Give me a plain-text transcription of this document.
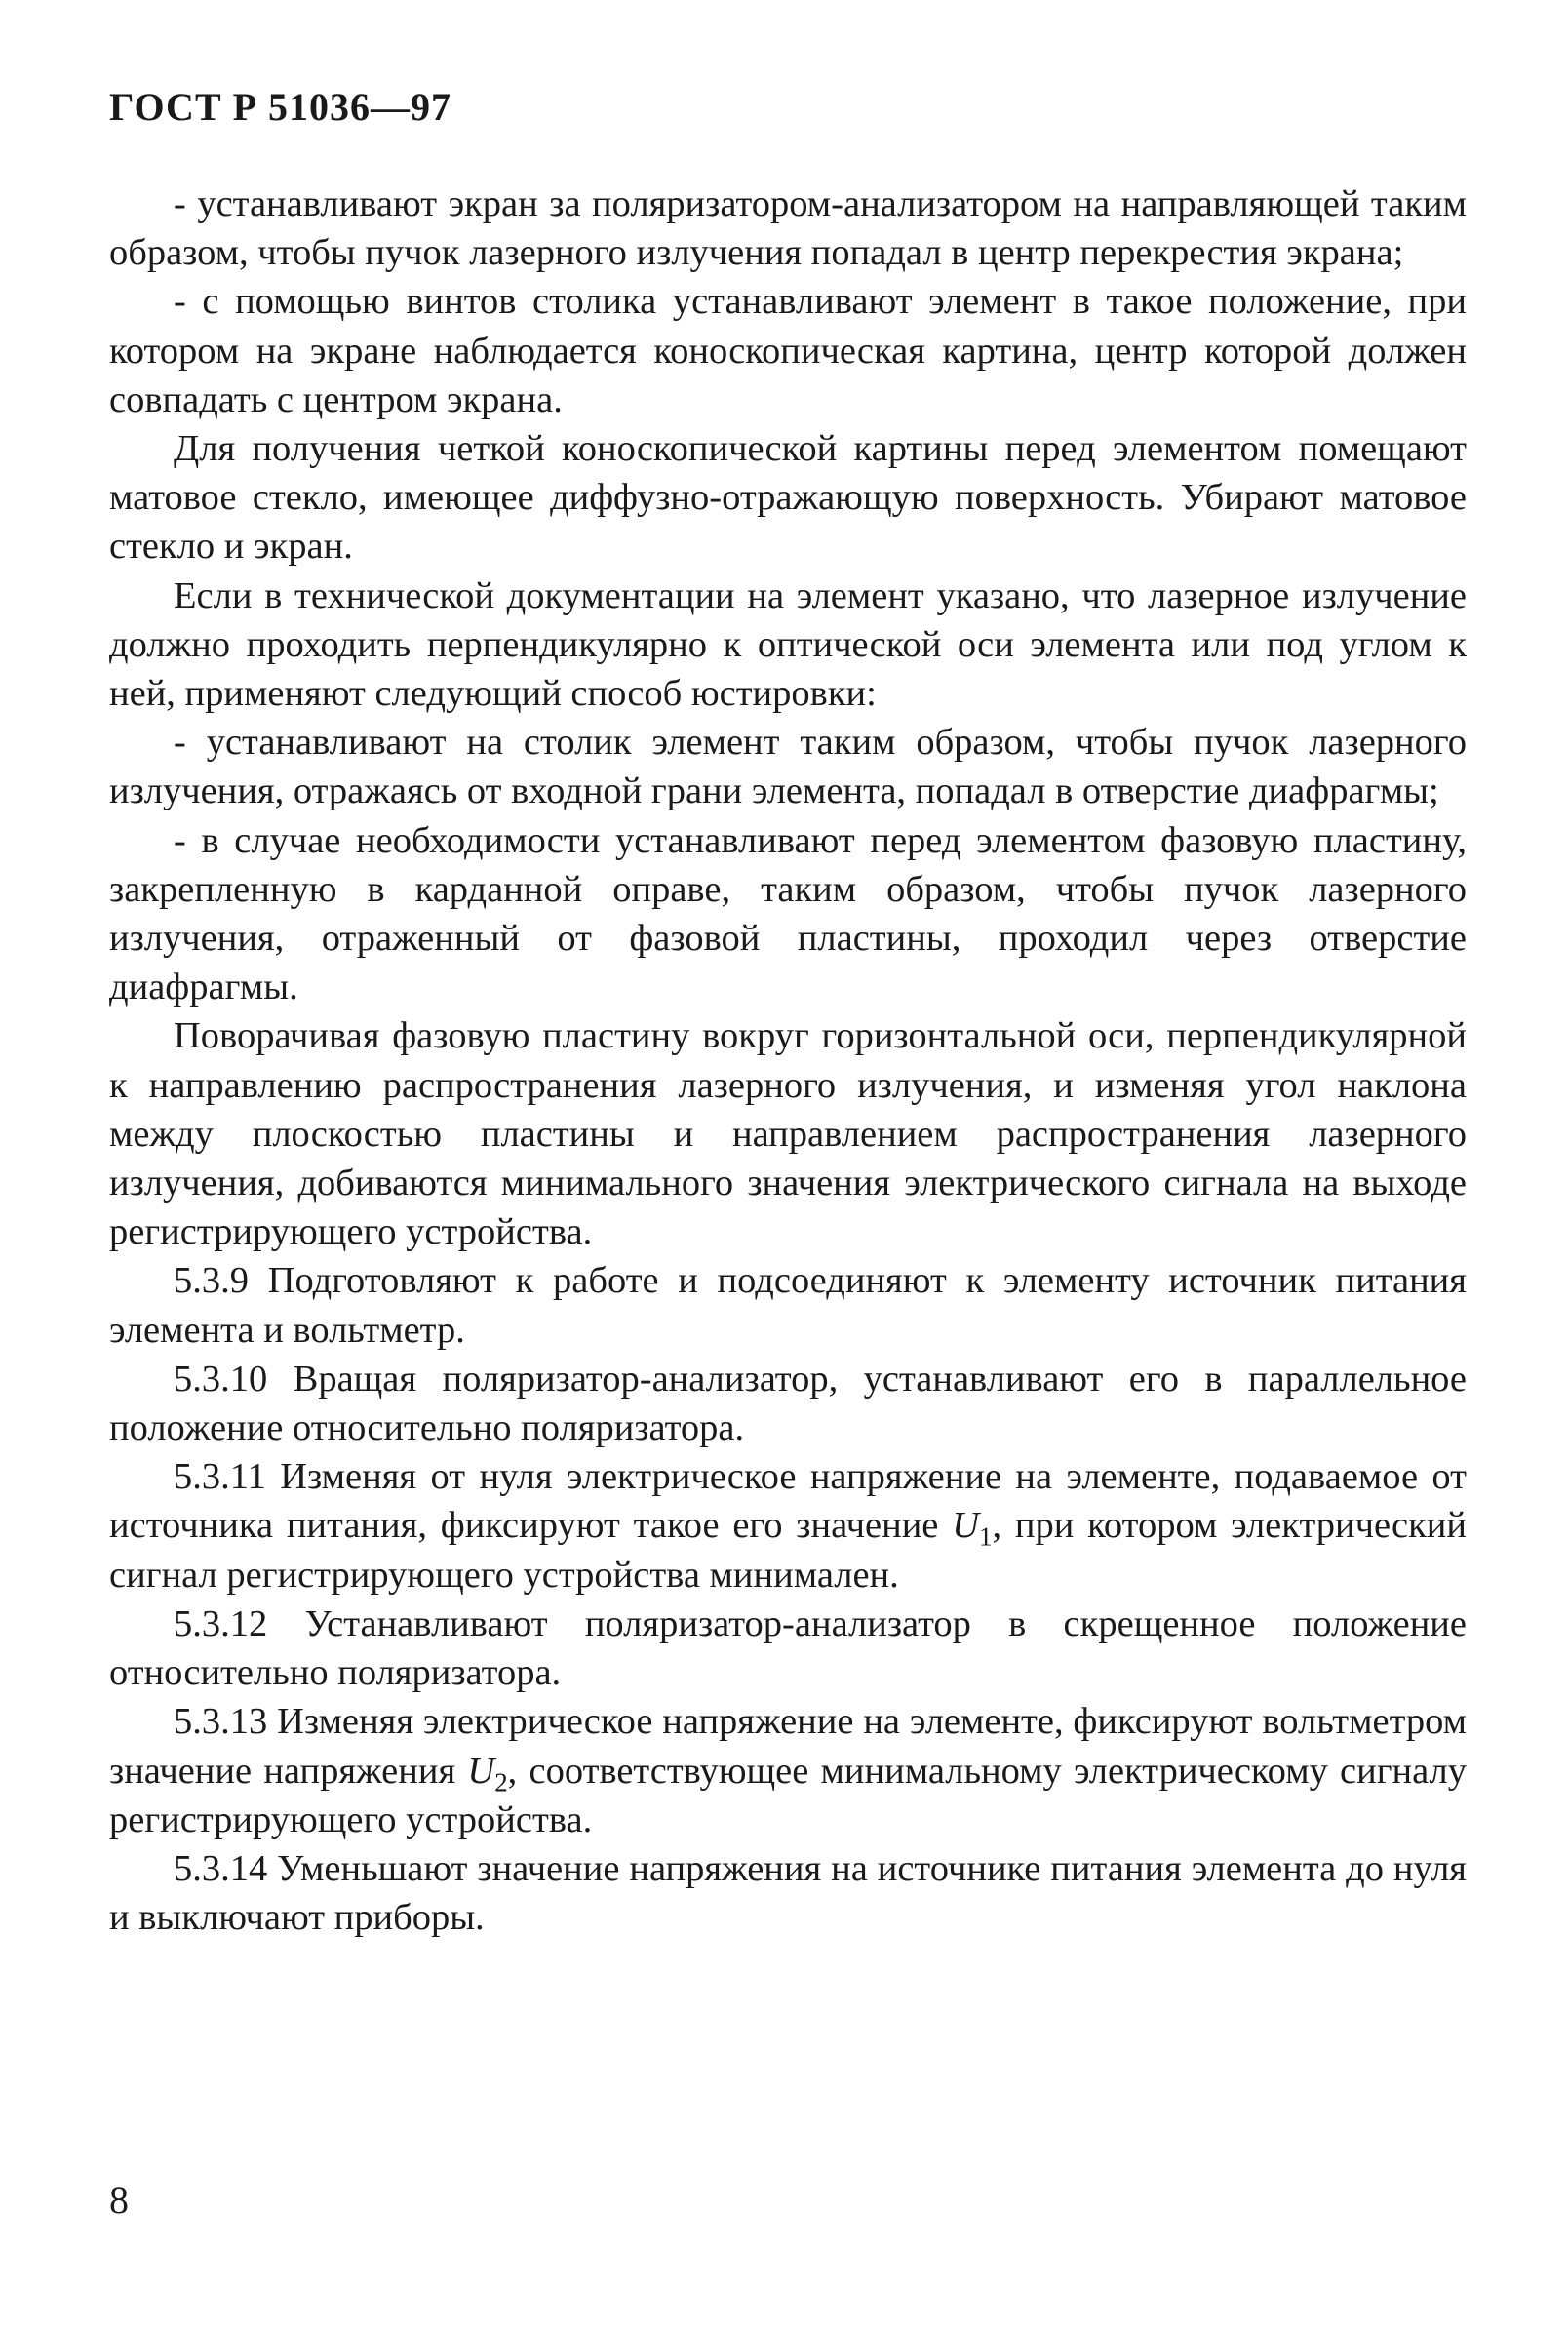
ГОСТ Р 51036—97

- устанавливают экран за поляризатором-анализатором на направляющей таким образом, чтобы пучок лазерного излучения попадал в центр перекрестия экрана;

- с помощью винтов столика устанавливают элемент в такое положение, при котором на экране наблюдается коноскопическая картина, центр которой должен совпадать с центром экрана.

Для получения четкой коноскопической картины перед элементом помещают матовое стекло, имеющее диффузно-отражающую поверхность. Убирают матовое стекло и экран.

Если в технической документации на элемент указано, что лазерное излучение должно проходить перпендикулярно к оптической оси элемента или под углом к ней, применяют следующий способ юстировки:

- устанавливают на столик элемент таким образом, чтобы пучок лазерного излучения, отражаясь от входной грани элемента, попадал в отверстие диафрагмы;

- в случае необходимости устанавливают перед элементом фазовую пластину, закрепленную в карданной оправе, таким образом, чтобы пучок лазерного излучения, отраженный от фазовой пластины, проходил через отверстие диафрагмы.

Поворачивая фазовую пластину вокруг горизонтальной оси, перпендикулярной к направлению распространения лазерного излучения, и изменяя угол наклона между плоскостью пластины и направлением распространения лазерного излучения, добиваются минимального значения электрического сигнала на выходе регистрирующего устройства.

5.3.9 Подготовляют к работе и подсоединяют к элементу источник питания элемента и вольтметр.

5.3.10 Вращая поляризатор-анализатор, устанавливают его в параллельное положение относительно поляризатора.

5.3.11 Изменяя от нуля электрическое напряжение на элементе, подаваемое от источника питания, фиксируют такое его значение $U_1$, при котором электрический сигнал регистрирующего устройства минимален.

5.3.12 Устанавливают поляризатор-анализатор в скрещенное положение относительно поляризатора.

5.3.13 Изменяя электрическое напряжение на элементе, фиксируют вольтметром значение напряжения $U_2$, соответствующее минимальному электрическому сигналу регистрирующего устройства.

5.3.14 Уменьшают значение напряжения на источнике питания элемента до нуля и выключают приборы.

8
